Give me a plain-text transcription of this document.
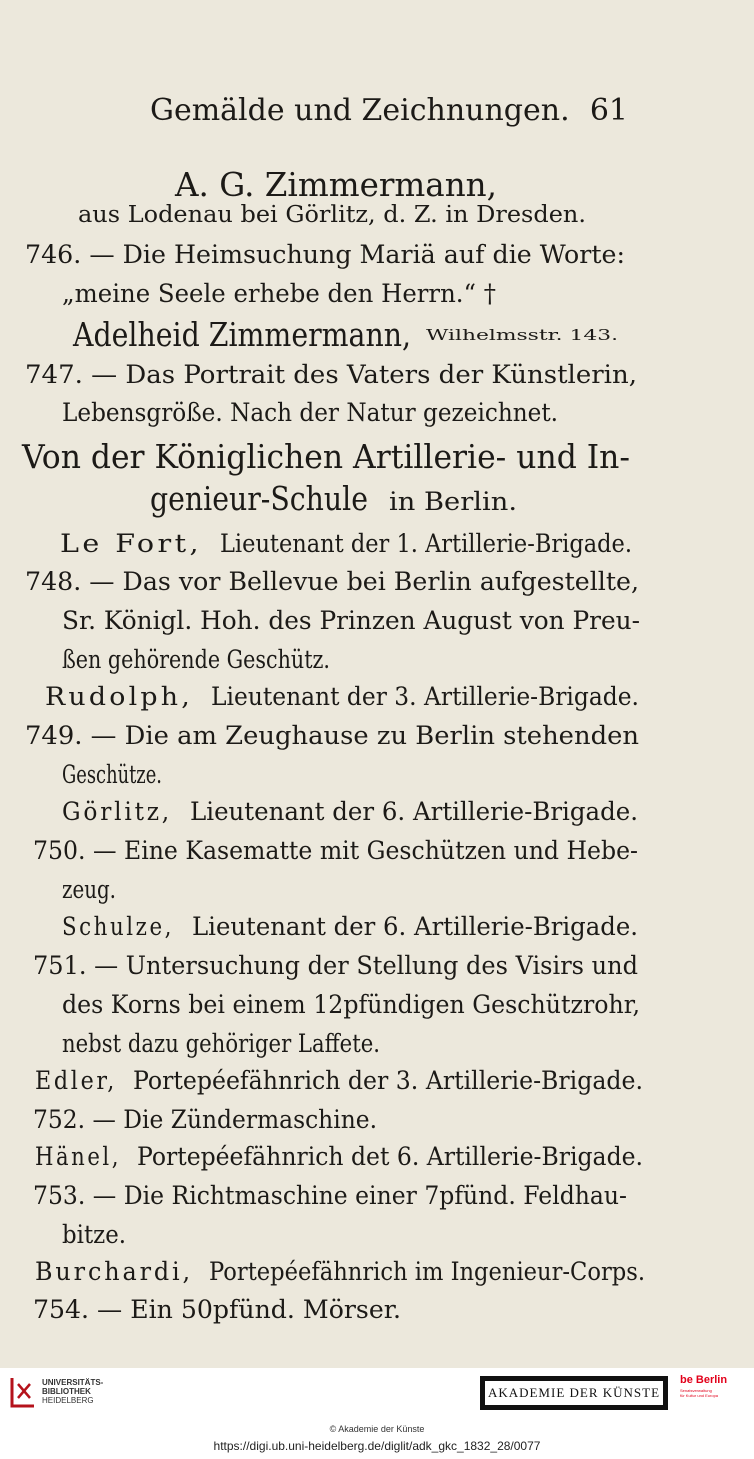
Gemälde und Zeichnungen. 61
A. G. Zimmermann,
aus Lodenau bei Görlitz, d. Z. in Dresden.
746. — Die Heimsuchung Mariä auf die Worte:
„meine Seele erhebe den Herrn.“ †
Adelheid Zimmermann, Wilhelmsstr. 143.
747. — Das Portrait des Vaters der Künstlerin,
Lebensgröße. Nach der Natur gezeichnet.
Von der Königlichen Artillerie- und In-
genieur-Schule in Berlin.
Le Fort, Lieutenant der 1. Artillerie-Brigade.
748. — Das vor Bellevue bei Berlin aufgestellte,
Sr. Königl. Hoh. des Prinzen August von Preu-
ßen gehörende Geschütz.
Rudolph, Lieutenant der 3. Artillerie-Brigade.
749. — Die am Zeughause zu Berlin stehenden
Geschütze.
Görlitz, Lieutenant der 6. Artillerie-Brigade.
750. — Eine Kasematte mit Geschützen und Hebe-
zeug.
Schulze, Lieutenant der 6. Artillerie-Brigade.
751. — Untersuchung der Stellung des Visirs und
des Korns bei einem 12pfündigen Geschützrohr,
nebst dazu gehöriger Laffete.
Edler, Portepéefähnrich der 3. Artillerie-Brigade.
752. — Die Zündermaschine.
Hänel, Portepéefähnrich det 6. Artillerie-Brigade.
753. — Die Richtmaschine einer 7pfünd. Feldhau-
bitze.
Burchardi, Portepéefähnrich im Ingenieur-Corps.
754. — Ein 50pfünd. Mörser.
UNIVERSITÄTS-
BIBLIOTHEK
HEIDELBERG
AKADEMIE DER KÜNSTE
be Berlin
Senatsverwaltung
für Kultur und Europa
© Akademie der Künste
https://digi.ub.uni-heidelberg.de/diglit/adk_gkc_1832_28/0077
